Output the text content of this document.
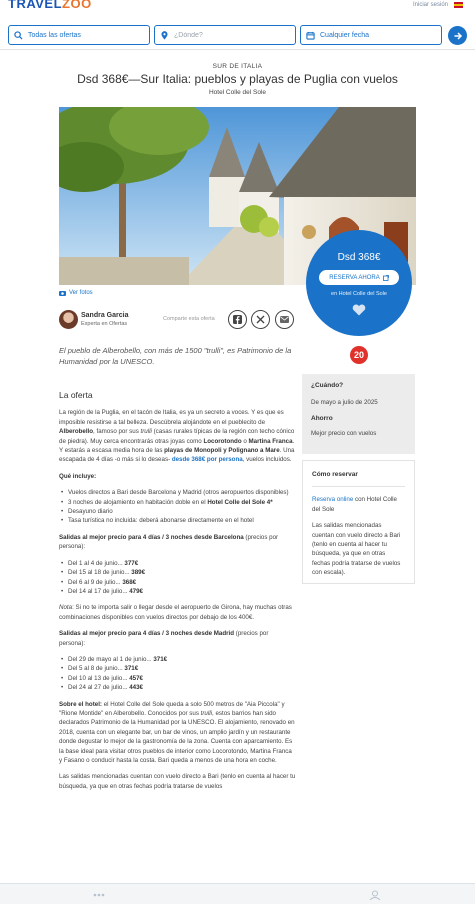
TRAVELZOO	Iniciar sesión
Todas las ofertas
¿Dónde?	Cualquier fecha
SUR DE ITALIA
Dsd 368€—Sur Italia: pueblos y playas de Puglia con vuelos
Hotel Colle del Sole
Ver fotos
Dsd 368€
RESERVA AHORA
en Hotel Colle del Sole
Sandra Garcia
Experta en Ofertas
Comparte esta oferta
El pueblo de Alberobello, con más de 1500 "trulli", es Patrimonio de la Humanidad por la UNESCO.
20
La oferta

La región de la Puglia, en el tacón de Italia, es ya un secreto a voces. Y es que es imposible resistirse a tal belleza. Descúbrela alojándote en el pueblecito de Alberobello, famoso por sus trulli (casas rurales típicas de la región con techo cónico de piedra). Muy cerca encontrarás otras joyas como Locorotondo o Martina Franca. Y estarás a escasa media hora de las playas de Monopoli y Polignano a Mare. Una escapada de 4 días -o más si lo deseas- desde 368€ por persona, vuelos incluidos.

Qué incluye:

• Vuelos directos a Bari desde Barcelona y Madrid (otros aeropuertos disponibles)
• 3 noches de alojamiento en habitación doble en el Hotel Colle del Sole 4*
• Desayuno diario
• Tasa turística no incluida: deberá abonarse directamente en el hotel

Salidas al mejor precio para 4 días / 3 noches desde Barcelona (precios por persona):

• Del 1 al 4 de junio... 377€
• Del 15 al 18 de junio... 389€
• Del 6 al 9 de julio... 368€
• Del 14 al 17 de julio... 479€

Nota: Si no te importa salir o llegar desde el aeropuerto de Girona, hay muchas otras combinaciones disponibles con vuelos directos por debajo de los 400€.

Salidas al mejor precio para 4 días / 3 noches desde Madrid (precios por persona):

• Del 29 de mayo al 1 de junio... 371€
• Del 5 al 8 de junio... 371€
• Del 10 al 13 de julio... 457€
• Del 24 al 27 de julio... 443€

Sobre el hotel: el Hotel Colle del Sole queda a solo 500 metros de "Aia Piccola" y "Rione Montide" en Alberobello. Conocidos por sus trulli, estos barrios han sido declarados Patrimonio de la Humanidad por la UNESCO. El alojamiento, renovado en 2018, cuenta con un elegante bar, un bar de vinos, un amplio jardín y un restaurante donde degustar lo mejor de la gastronomía de la zona. Cuenta con aparcamiento. Es la base ideal para visitar otros pueblos de interior como Locorotondo, Martina Franca y Fasano o conducir hasta la costa. Bari queda a menos de una hora en coche.

Las salidas mencionadas cuentan con vuelo directo a Bari (tenlo en cuenta al hacer tu búsqueda, ya que en otras fechas podría tratarse de vuelos

¿Cuándo?
De mayo a julio de 2025
Ahorro
Mejor precio con vuelos
Cómo reservar

Reserva online con Hotel Colle del Sole

Las salidas mencionadas cuentan con vuelo directo a Bari (tenlo en cuenta al hacer tu búsqueda, ya que en otras fechas podría tratarse de vuelos con escala).
